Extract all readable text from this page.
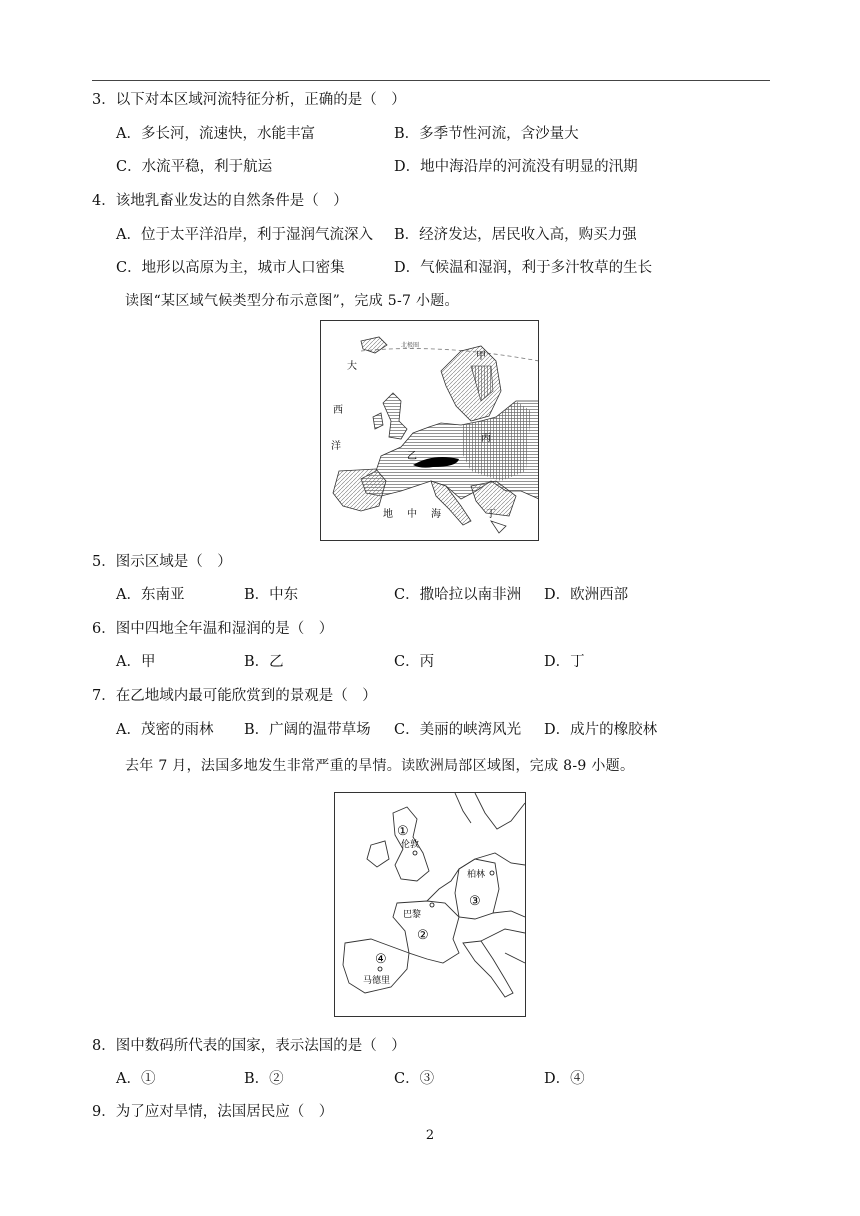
3．以下对本区域河流特征分析，正确的是（　）
A．多长河，流速快，水能丰富	B．多季节性河流，含沙量大
C．水流平稳，利于航运	D．地中海沿岸的河流没有明显的汛期
4．该地乳畜业发达的自然条件是（　）
A．位于太平洋沿岸，利于湿润气流深入 B．经济发达，居民收入高，购买力强
C．地形以高原为主，城市人口密集	D．气候温和湿润，利于多汁牧草的生长
读图“某区域气候类型分布示意图”，完成 5-7 小题。
大
西
洋
甲
乙
丙
丁
地 中 海
北极圈
5．图示区域是（　）
A．东南亚	B．中东	C．撒哈拉以南非洲 D．欧洲西部
6．图中四地全年温和湿润的是（　）
A．甲	B．乙	C．丙	D．丁
7．在乙地域内最可能欣赏到的景观是（　）
A．茂密的雨林 B．广阔的温带草场 C．美丽的峡湾风光 D．成片的橡胶林
去年 7 月，法国多地发生非常严重的旱情。读欧洲局部区域图，完成 8-9 小题。
①
伦敦
柏林
③
巴黎
②
④
马德里
8．图中数码所代表的国家，表示法国的是（　）
A．①	B．②	C．③	D．④
9．为了应对旱情，法国居民应（　）
2
